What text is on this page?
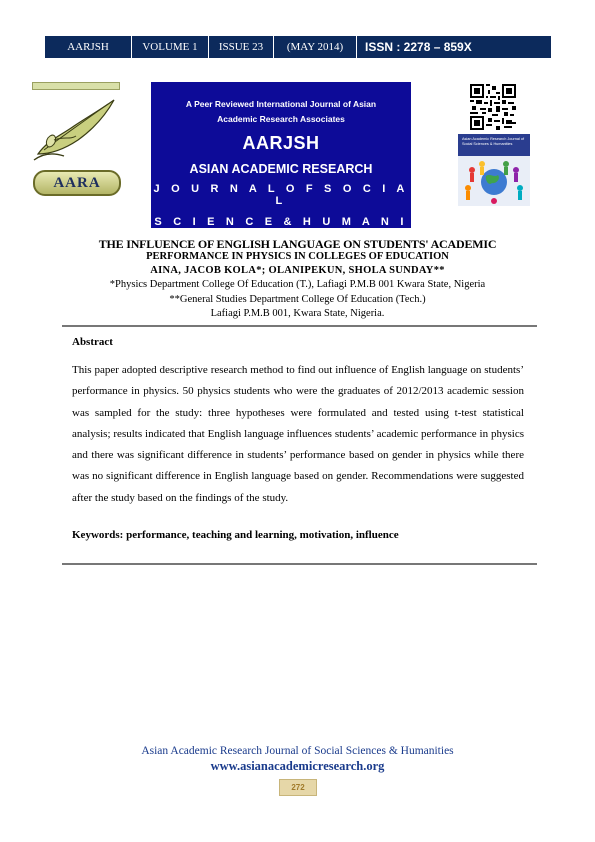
AARJSH	VOLUME 1	ISSUE 23	(MAY 2014)	ISSN : 2278 – 859X
AARA
A Peer Reviewed International Journal of Asian
Academic Research Associates
AARJSH
ASIAN ACADEMIC RESEARCH
J O U R N A L O F S O C I A L
S C I E N C E & H U M A N I T I E S
Asian Academic Research Journal of Social Sciences & Humanities
THE INFLUENCE OF ENGLISH LANGUAGE ON STUDENTS' ACADEMIC
PERFORMANCE IN PHYSICS IN COLLEGES OF EDUCATION
AINA, JACOB KOLA*; OLANIPEKUN, SHOLA SUNDAY**
*Physics Department College Of Education (T.), Lafiagi P.M.B 001 Kwara State, Nigeria
**General Studies Department College Of Education (Tech.)
Lafiagi P.M.B 001, Kwara State, Nigeria.
Abstract
This paper adopted descriptive research method to find out influence of English language on students’ performance in physics. 50 physics students who were the graduates of 2012/2013 academic session was sampled for the study: three hypotheses were formulated and tested using t-test statistical analysis; results indicated that English language influences students’ academic performance in physics and there was significant difference in students’ performance based on gender in physics while there was no significant difference in English language based on gender. Recommendations were suggested after the study based on the findings of the study.
Keywords: performance, teaching and learning, motivation, influence
Asian Academic Research Journal of Social Sciences & Humanities
www.asianacademicresearch.org
272
